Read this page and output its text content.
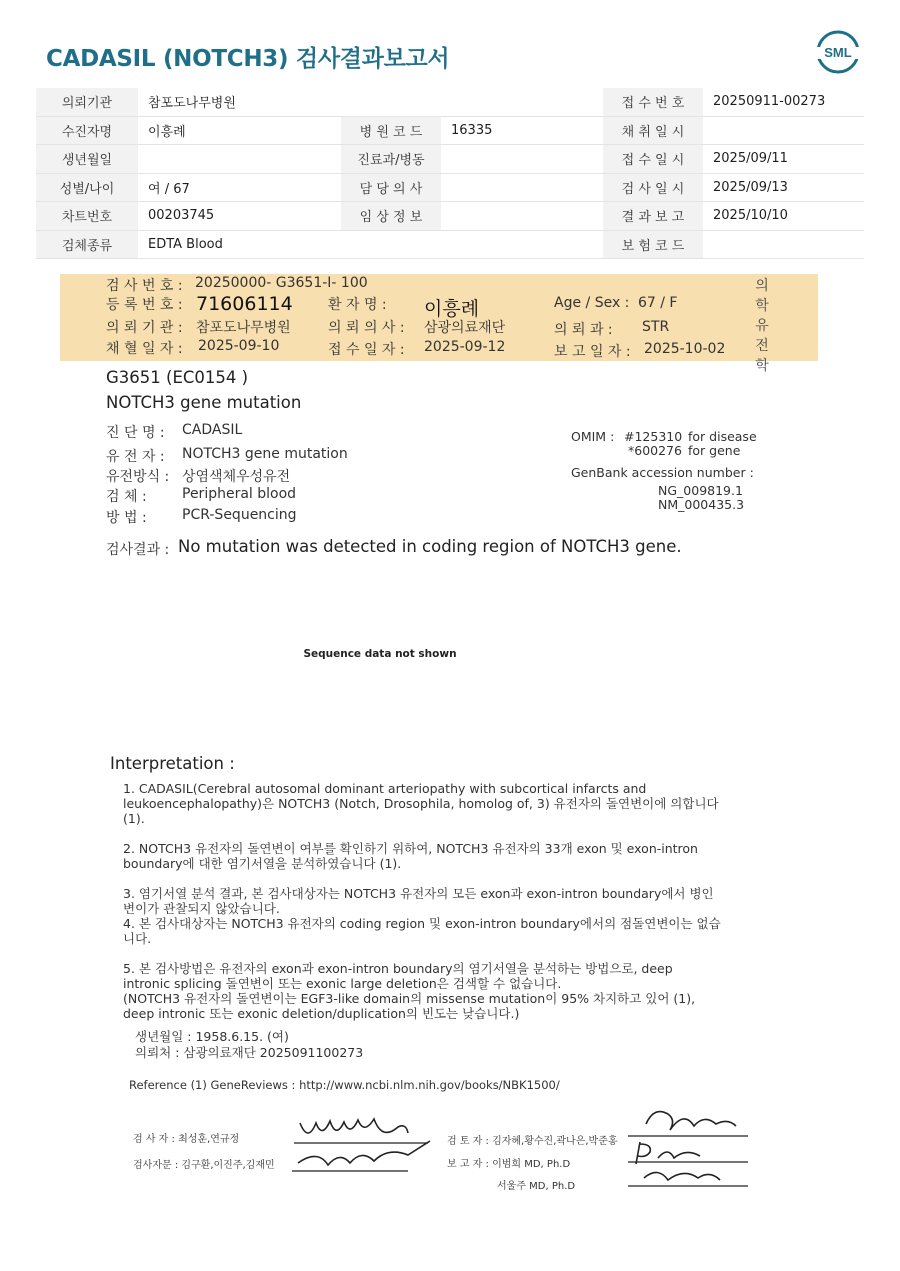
CADASIL (NOTCH3) 검사결과보고서	SML
의뢰기관	참포도나무병원			접 수 번 호	20250911-00273
수진자명	이흥례	병 원 코 드	16335	채 취 일 시	
생년월일		진료과/병동		접 수 일 시	2025/09/11
성별/나이	여 / 67	담 당 의 사		검 사 일 시	2025/09/13
차트번호	00203745	임 상 정 보		결 과 보 고	2025/10/10
검체종류	EDTA Blood			보 험 코 드	
검 사 번 호 : 20250000- G3651-I- 100
등 록 번 호 : 71606114	환 자 명 : 이흥례	Age / Sex : 67 / F
의 뢰 기 관 : 참포도나무병원	의 뢰 의 사 : 삼광의료재단	의 뢰 과 : STR
채 혈 일 자 : 2025-09-10	접 수 일 자 : 2025-09-12	보 고 일 자 : 2025-10-02
의
학
유
전
학
G3651 (EC0154 )
NOTCH3 gene mutation
진 단 명 : CADASIL
유 전 자 : NOTCH3 gene mutation
유전방식 : 상염색체우성유전
검 체 :	Peripheral blood
방 법 :	PCR-Sequencing
OMIM : #125310 for disease
*600276 for gene
GenBank accession number :
NG_009819.1
NM_000435.3
검사결과 : No mutation was detected in coding region of NOTCH3 gene.
Sequence data not shown
Interpretation :
1. CADASIL(Cerebral autosomal dominant arteriopathy with subcortical infarcts and
leukoencephalopathy)은 NOTCH3 (Notch, Drosophila, homolog of, 3) 유전자의 돌연변이에 의합니다
(1).
2. NOTCH3 유전자의 돌연변이 여부를 확인하기 위하여, NOTCH3 유전자의 33개 exon 및 exon-intron
boundary에 대한 염기서열을 분석하였습니다 (1).
3. 염기서열 분석 결과, 본 검사대상자는 NOTCH3 유전자의 모든 exon과 exon-intron boundary에서 병인
변이가 관찰되지 않았습니다.
4. 본 검사대상자는 NOTCH3 유전자의 coding region 및 exon-intron boundary에서의 점돌연변이는 없습
니다.
5. 본 검사방법은 유전자의 exon과 exon-intron boundary의 염기서열을 분석하는 방법으로, deep
intronic splicing 돌연변이 또는 exonic large deletion은 검색할 수 없습니다.
(NOTCH3 유전자의 돌연변이는 EGF3-like domain의 missense mutation이 95% 차지하고 있어 (1),
deep intronic 또는 exonic deletion/duplication의 빈도는 낮습니다.)
생년월일 : 1958.6.15. (여)
의뢰처 : 삼광의료재단 2025091100273
Reference (1) GeneReviews : http://www.ncbi.nlm.nih.gov/books/NBK1500/
검 사 자 : 최성훈,연규정
검사자문 : 김구환,이진주,김재민
검 토 자 : 김자혜,황수진,곽나은,박준홍
보 고 자 : 이범희 MD, Ph.D
서울주 MD, Ph.D
